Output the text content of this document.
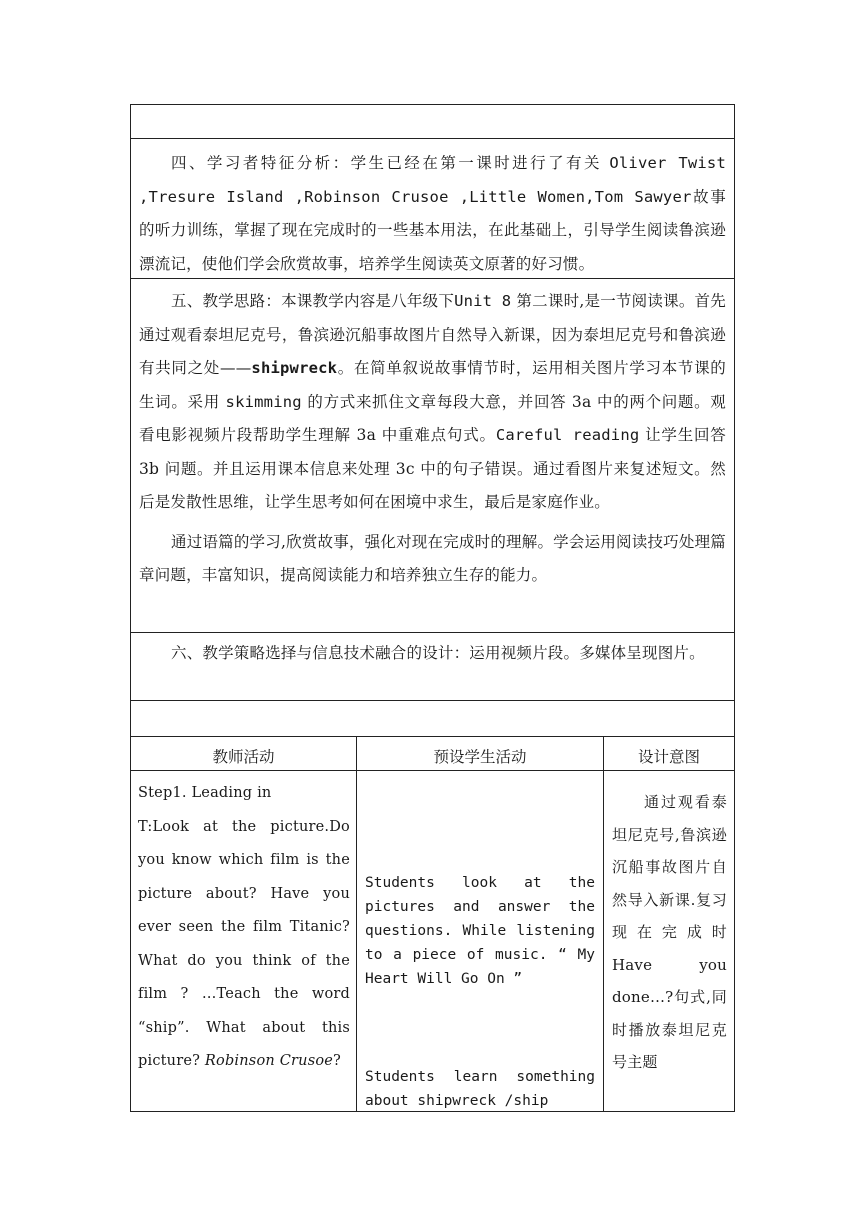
四、学习者特征分析：学生已经在第一课时进行了有关 Oliver Twist ,Tresure Island ,Robinson Crusoe ,Little Women,Tom Sawyer故事的听力训练，掌握了现在完成时的一些基本用法，在此基础上，引导学生阅读鲁滨逊漂流记，使他们学会欣赏故事，培养学生阅读英文原著的好习惯。
五、教学思路：本课教学内容是八年级下Unit 8 第二课时,是一节阅读课。首先通过观看泰坦尼克号，鲁滨逊沉船事故图片自然导入新课，因为泰坦尼克号和鲁滨逊有共同之处——shipwreck。在简单叙说故事情节时，运用相关图片学习本节课的生词。采用 skimming 的方式来抓住文章每段大意，并回答 3a 中的两个问题。观看电影视频片段帮助学生理解 3a 中重难点句式。Careful reading 让学生回答 3b 问题。并且运用课本信息来处理 3c 中的句子错误。通过看图片来复述短文。然后是发散性思维，让学生思考如何在困境中求生，最后是家庭作业。
通过语篇的学习,欣赏故事，强化对现在完成时的理解。学会运用阅读技巧处理篇章问题，丰富知识，提高阅读能力和培养独立生存的能力。
六、教学策略选择与信息技术融合的设计：运用视频片段。多媒体呈现图片。
教师活动	预设学生活动	设计意图
Step1. Leading in
T:Look at the picture.Do you know which film is the picture about? Have you ever seen the film Titanic? What do you think of the film ? …Teach the word “ship”. What about this picture? Robinson Crusoe?
Students look at the pictures and answer the questions. While listening to a piece of music. “ My Heart Will Go On ”
Students learn something about shipwreck /ship
通过观看泰坦尼克号,鲁滨逊沉船事故图片自然导入新课.复习现在完成时 Have you done…?句式,同时播放泰坦尼克号主题
